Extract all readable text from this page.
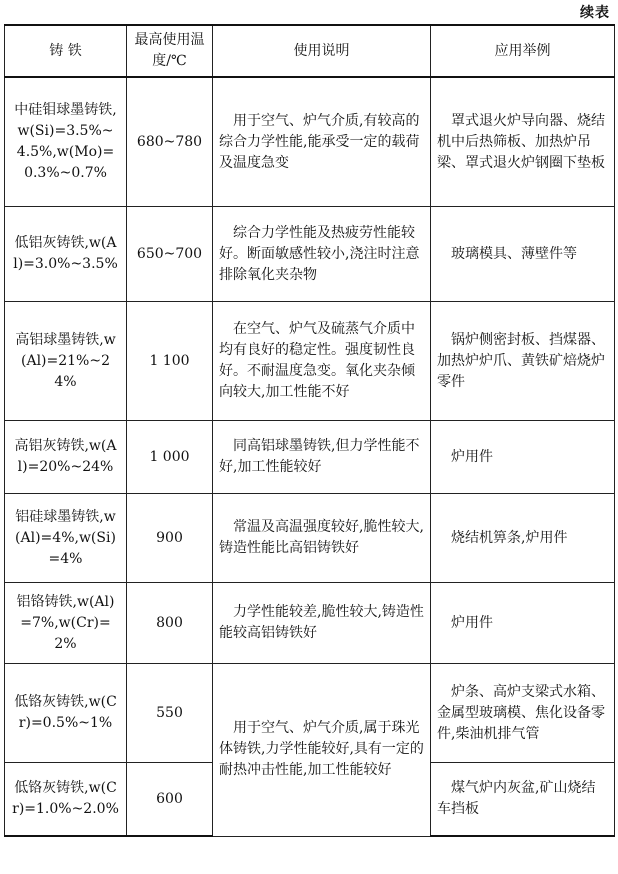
续表
铸 铁	最高使用温度/℃	使用说明	应用举例
中硅钼球墨铸铁,w(Si)=3.5%~4.5%,w(Mo)=0.3%~0.7%	680~780	用于空气、炉气介质,有较高的综合力学性能,能承受一定的载荷及温度急变	罩式退火炉导向器、烧结机中后热筛板、加热炉吊梁、罩式退火炉钢圈下垫板
低铝灰铸铁,w(Al)=3.0%~3.5%	650~700	综合力学性能及热疲劳性能较好。断面敏感性较小,浇注时注意排除氧化夹杂物	玻璃模具、薄壁件等
高铝球墨铸铁,w(Al)=21%~24%	1 100	在空气、炉气及硫蒸气介质中均有良好的稳定性。强度韧性良好。不耐温度急变。氧化夹杂倾向较大,加工性能不好	锅炉侧密封板、挡煤器、加热炉炉爪、黄铁矿焙烧炉零件
高铝灰铸铁,w(Al)=20%~24%	1 000	同高铝球墨铸铁,但力学性能不好,加工性能较好	炉用件
铝硅球墨铸铁,w(Al)=4%,w(Si)=4%	900	常温及高温强度较好,脆性较大,铸造性能比高铝铸铁好	烧结机箅条,炉用件
铝铬铸铁,w(Al)=7%,w(Cr)=2%	800	力学性能较差,脆性较大,铸造性能较高铝铸铁好	炉用件
低铬灰铸铁,w(Cr)=0.5%~1%	550	用于空气、炉气介质,属于珠光体铸铁,力学性能较好,具有一定的耐热冲击性能,加工性能较好	炉条、高炉支梁式水箱、金属型玻璃模、焦化设备零件,柴油机排气管
低铬灰铸铁,w(Cr)=1.0%~2.0%	600		煤气炉内灰盆,矿山烧结车挡板
